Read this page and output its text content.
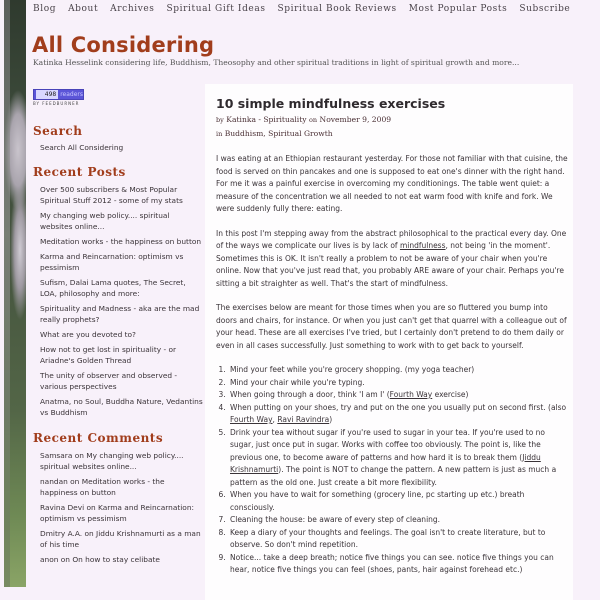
Blog About Archives Spiritual Gift Ideas Spiritual Book Reviews Most Popular Posts Subscribe
All Considering
Katinka Hesselink considering life, Buddhism, Theosophy and other spiritual traditions in light of spiritual growth and more...
498 readers
BY FEEDBURNER
Search
Search All Considering
Recent Posts
Over 500 subscribers & Most Popular Spiritual Stuff 2012 - some of my stats
My changing web policy.... spiritual websites online...
Meditation works - the happiness on button
Karma and Reincarnation: optimism vs pessimism
Sufism, Dalai Lama quotes, The Secret, LOA, philosophy and more:
Spirituality and Madness - aka are the mad really prophets?
What are you devoted to?
How not to get lost in spirituality - or Ariadne's Golden Thread
The unity of observer and observed - various perspectives
Anatma, no Soul, Buddha Nature, Vedantins vs Buddhism
Recent Comments
Samsara on My changing web policy.... spiritual websites online...
nandan on Meditation works - the happiness on button
Ravina Devi on Karma and Reincarnation: optimism vs pessimism
Dmitry A.A. on Jiddu Krishnamurti as a man of his time
anon on On how to stay celibate
10 simple mindfulness exercises
by Katinka - Spirituality on November 9, 2009
in Buddhism, Spiritual Growth

I was eating at an Ethiopian restaurant yesterday. For those not familiar with that cuisine, the food is served on thin pancakes and one is supposed to eat one's dinner with the right hand. For me it was a painful exercise in overcoming my conditionings. The table went quiet: a measure of the concentration we all needed to not eat warm food with knife and fork. We were suddenly fully there: eating.

In this post I'm stepping away from the abstract philosophical to the practical every day. One of the ways we complicate our lives is by lack of mindfulness, not being 'in the moment'. Sometimes this is OK. It isn't really a problem to not be aware of your chair when you're online. Now that you've just read that, you probably ARE aware of your chair. Perhaps you're sitting a bit straighter as well. That's the start of mindfulness.

The exercises below are meant for those times when you are so fluttered you bump into doors and chairs, for instance. Or when you just can't get that quarrel with a colleague out of your head. These are all exercises I've tried, but I certainly don't pretend to do them daily or even in all cases successfully. Just something to work with to get back to yourself.

1. Mind your feet while you're grocery shopping. (my yoga teacher)
2. Mind your chair while you're typing.
3. When going through a door, think 'I am I' (Fourth Way exercise)
4. When putting on your shoes, try and put on the one you usually put on second first. (also Fourth Way, Ravi Ravindra)
5. Drink your tea without sugar if you're used to sugar in your tea. If you're used to no sugar, just once put in sugar. Works with coffee too obviously. The point is, like the previous one, to become aware of patterns and how hard it is to break them (Jiddu Krishnamurti). The point is NOT to change the pattern. A new pattern is just as much a pattern as the old one. Just create a bit more flexibility.
6. When you have to wait for something (grocery line, pc starting up etc.) breath consciously.
7. Cleaning the house: be aware of every step of cleaning.
8. Keep a diary of your thoughts and feelings. The goal isn't to create literature, but to observe. So don't mind repetition.
9. Notice... take a deep breath; notice five things you can see. notice five things you can hear, notice five things you can feel (shoes, pants, hair against forehead etc.)
